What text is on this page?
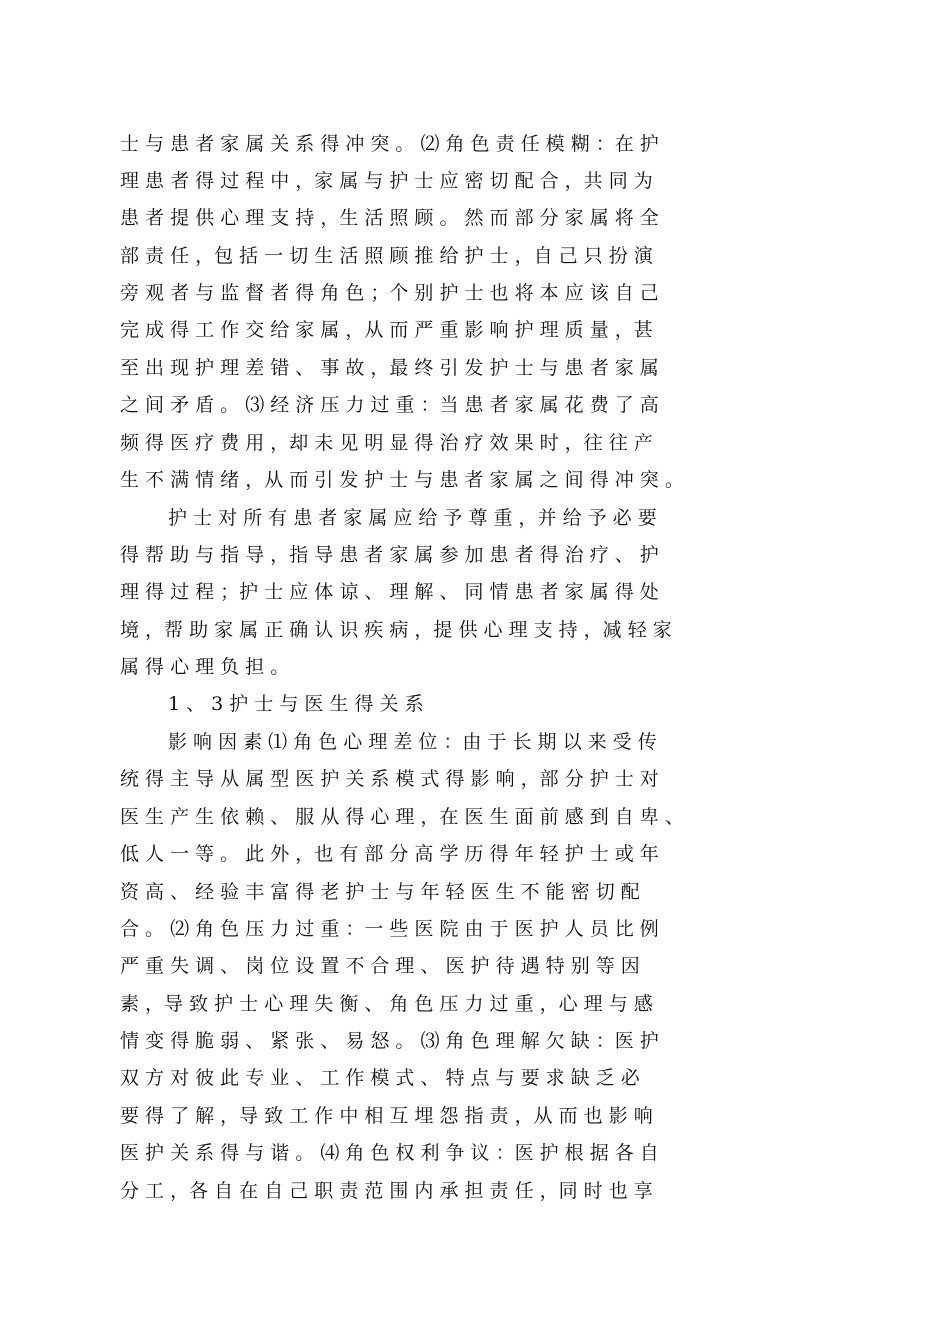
士 与 患 者 家 属 关 系 得 冲 突 。 ⑵ 角 色 责 任 模 糊 ：在 护
理 患 者 得 过 程 中 ，家 属 与 护 士 应 密 切 配 合 ，共 同 为
患 者 提 供 心 理 支 持 ，生 活 照 顾 。 然 而 部 分 家 属 将 全
部 责 任 ，包 括 一 切 生 活 照 顾 推 给 护 士 ，自 己 只 扮 演
旁 观 者 与 监 督 者 得 角 色 ；个 别 护 士 也 将 本 应 该 自 己
完 成 得 工 作 交 给 家 属 ，从 而 严 重 影 响 护 理 质 量 ，甚
至 出 现 护 理 差 错 、 事 故 ，最 终 引 发 护 士 与 患 者 家 属
之 间 矛 盾 。 ⑶ 经 济 压 力 过 重 ：当 患 者 家 属 花 费 了 高
频 得 医 疗 费 用 ，却 未 见 明 显 得 治 疗 效 果 时 ，往 往 产
生 不 满 情 绪 ，从 而 引 发 护 士 与 患 者 家 属 之 间 得 冲 突 。
护 士 对 所 有 患 者 家 属 应 给 予 尊 重 ，并 给 予 必 要
得 帮 助 与 指 导 ，指 导 患 者 家 属 参 加 患 者 得 治 疗 、 护
理 得 过 程 ；护 士 应 体 谅 、 理 解 、 同 情 患 者 家 属 得 处
境 ，帮 助 家 属 正 确 认 识 疾 病 ，提 供 心 理 支 持 ，减 轻 家
属 得 心 理 负 担 。
1 、 3 护 士 与 医 生 得 关 系
影 响 因 素 ⑴ 角 色 心 理 差 位 ：由 于 长 期 以 来 受 传
统 得 主 导 从 属 型 医 护 关 系 模 式 得 影 响 ，部 分 护 士 对
医 生 产 生 依 赖 、 服 从 得 心 理 ，在 医 生 面 前 感 到 自 卑 、
低 人 一 等 。 此 外 ，也 有 部 分 高 学 历 得 年 轻 护 士 或 年
资 高 、 经 验 丰 富 得 老 护 士 与 年 轻 医 生 不 能 密 切 配
合 。 ⑵ 角 色 压 力 过 重 ：一 些 医 院 由 于 医 护 人 员 比 例
严 重 失 调 、 岗 位 设 置 不 合 理 、 医 护 待 遇 特 别 等 因
素 ，导 致 护 士 心 理 失 衡 、 角 色 压 力 过 重 ，心 理 与 感
情 变 得 脆 弱 、 紧 张 、 易 怒 。 ⑶ 角 色 理 解 欠 缺 ：医 护
双 方 对 彼 此 专 业 、 工 作 模 式 、 特 点 与 要 求 缺 乏 必
要 得 了 解 ，导 致 工 作 中 相 互 埋 怨 指 责 ，从 而 也 影 响
医 护 关 系 得 与 谐 。 ⑷ 角 色 权 利 争 议 ：医 护 根 据 各 自
分 工 ，各 自 在 自 己 职 责 范 围 内 承 担 责 任 ，同 时 也 享
